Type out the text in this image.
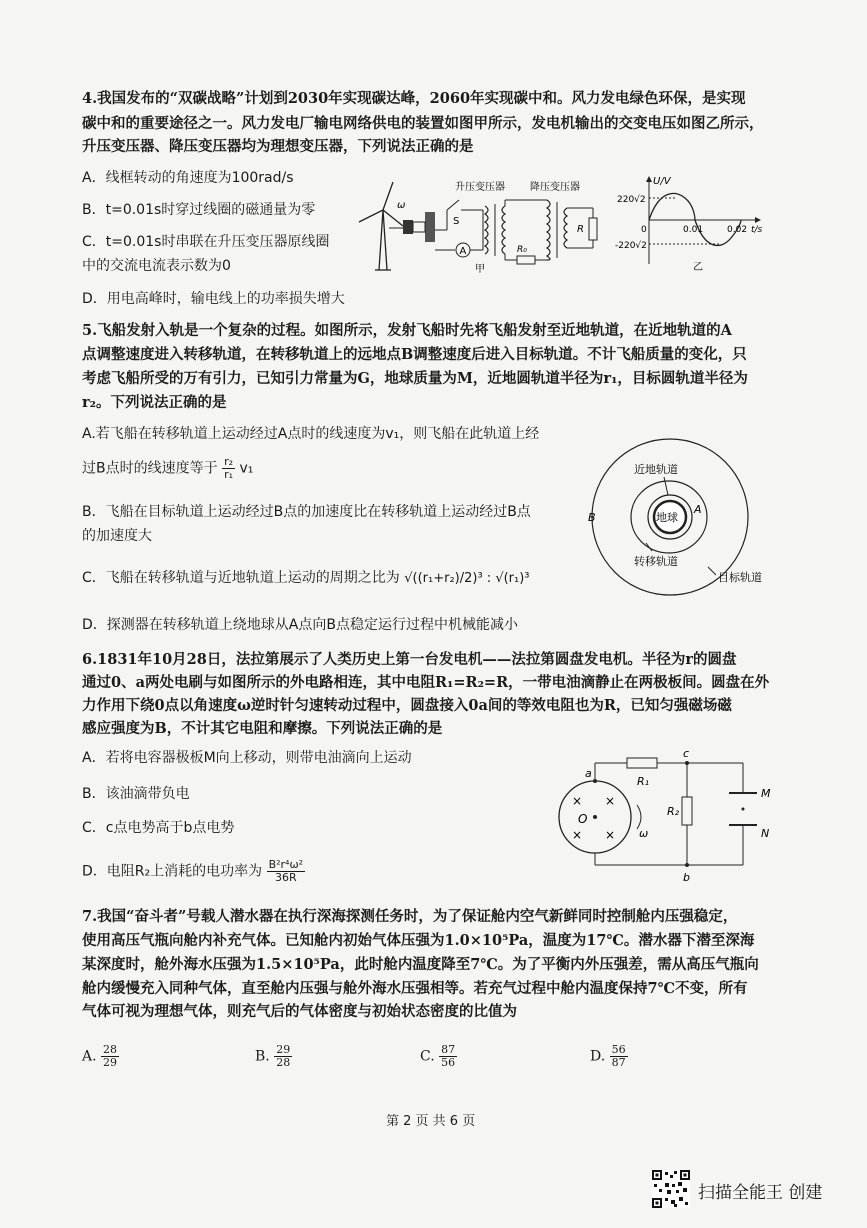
4.我国发布的“双碳战略”计划到2030年实现碳达峰，2060年实现碳中和。风力发电绿色环保，是实现
碳中和的重要途径之一。风力发电厂输电网络供电的装置如图甲所示，发电机输出的交变电压如图乙所示，
升压变压器、降压变压器均为理想变压器，下列说法正确的是
A．线框转动的角速度为100rad/s
B．t=0.01s时穿过线圈的磁通量为零
C．t=0.01s时串联在升压变压器原线圈
中的交流电流表示数为0
D．用电高峰时，输电线上的功率损失增大
ω
A
S
升压变压器
R₀
降压变压器
R
甲
U/V
220√2
-220√2
0	0.01	0.02 t/s
乙
5.飞船发射入轨是一个复杂的过程。如图所示，发射飞船时先将飞船发射至近地轨道，在近地轨道的A
点调整速度进入转移轨道，在转移轨道上的远地点B调整速度后进入目标轨道。不计飞船质量的变化，只
考虑飞船所受的万有引力，已知引力常量为G，地球质量为M，近地圆轨道半径为r₁，目标圆轨道半径为
r₂。下列说法正确的是
A.若飞船在转移轨道上运动经过A点时的线速度为v₁，则飞船在此轨道上经
过B点时的线速度等于 $\frac{\text{r₂}}{\text{r₁}} v_1$
B．飞船在目标轨道上运动经过B点的加速度比在转移轨道上运动经过B点
的加速度大
C．飞船在转移轨道与近地轨道上运动的周期之比为 √((r₁+r₂)/2)³ : √(r₁)³
D．探测器在转移轨道上绕地球从A点向B点稳定运行过程中机械能减小
地球
A
B
近地轨道
转移轨道
目标轨道
6.1831年10月28日，法拉第展示了人类历史上第一台发电机——法拉第圆盘发电机。半径为r的圆盘
通过0、a两处电刷与如图所示的外电路相连，其中电阻R₁=R₂=R，一带电油滴静止在两极板间。圆盘在外
力作用下绕0点以角速度ω逆时针匀速转动过程中，圆盘接入0a间的等效电阻也为R，已知匀强磁场磁
感应强度为B，不计其它电阻和摩擦。下列说法正确的是
A．若将电容器极板M向上移动，则带电油滴向上运动
B．该油滴带负电
C．c点电势高于b点电势
D．电阻R₂上消耗的电功率为 $\frac{\text{B²r⁴ω²}}{36R}$
× ×
× ×
O
ω
a
R₁
c
R₂
M
N
b
7.我国“奋斗者”号载人潜水器在执行深海探测任务时，为了保证舱内空气新鲜同时控制舱内压强稳定，
使用高压气瓶向舱内补充气体。已知舱内初始气体压强为1.0×10⁵Pa，温度为17℃。潜水器下潜至深海
某深度时，舱外海水压强为1.5×10⁵Pa，此时舱内温度降至7℃。为了平衡内外压强差，需从高压气瓶向
舱内缓慢充入同种气体，直至舱内压强与舱外海水压强相等。若充气过程中舱内温度保持7℃不变，所有
气体可视为理想气体，则充气后的气体密度与初始状态密度的比值为
A. $\frac{28}{29}$	B. $\frac{29}{28}$	C. $\frac{87}{56}$	D. $\frac{56}{87}$
第 2 页 共 6 页
扫描全能王 创建
